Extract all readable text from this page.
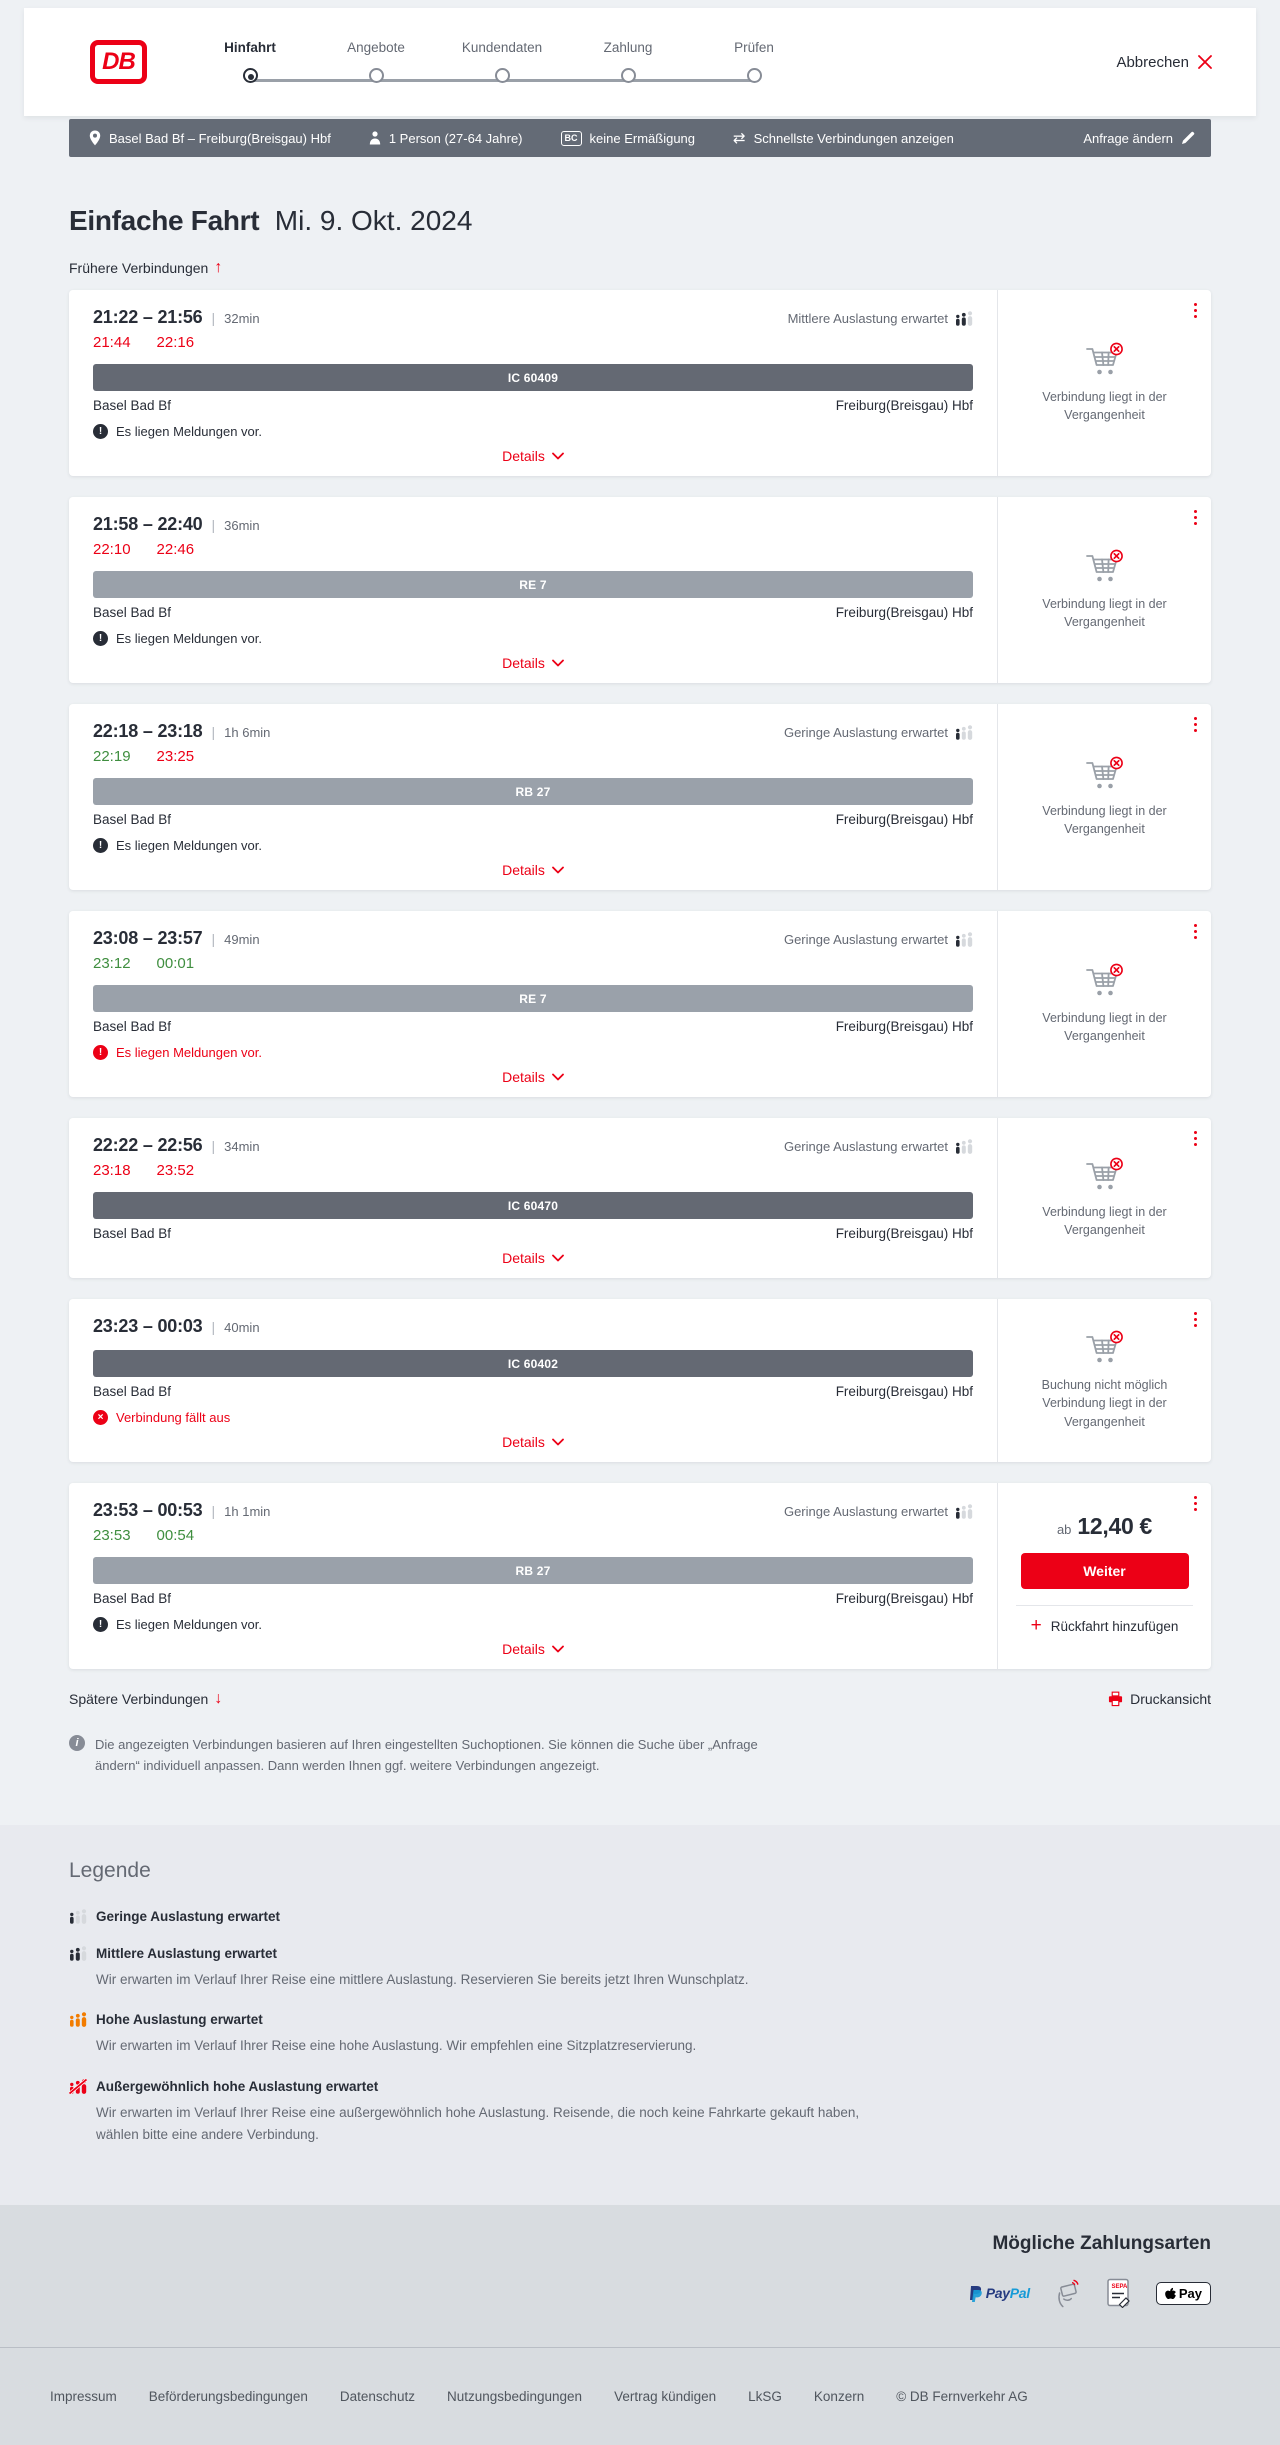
DB
Hinfahrt	Angebote	Kundendaten	Zahlung	Prüfen
Abbrechen
Basel Bad Bf – Freiburg(Breisgau) Hbf	1 Person (27-64 Jahre)	BC keine Ermäßigung	⇄ Schnellste Verbindungen anzeigen	Anfrage ändern
Einfache Fahrt Mi. 9. Okt. 2024
Frühere Verbindungen ↑
21:22 – 21:56 | 32min	Mittlere Auslastung erwartet
21:44 22:16
IC 60409
Basel Bad Bf	Freiburg(Breisgau) Hbf
!	Es liegen Meldungen vor.
Details
Verbindung liegt in der Vergangenheit
21:58 – 22:40 | 36min
22:10 22:46
RE 7
Basel Bad Bf	Freiburg(Breisgau) Hbf
!	Es liegen Meldungen vor.
Details
Verbindung liegt in der Vergangenheit
22:18 – 23:18 | 1h 6min	Geringe Auslastung erwartet
22:19 23:25
RB 27
Basel Bad Bf	Freiburg(Breisgau) Hbf
!	Es liegen Meldungen vor.
Details
Verbindung liegt in der Vergangenheit
23:08 – 23:57 | 49min	Geringe Auslastung erwartet
23:12 00:01
RE 7
Basel Bad Bf	Freiburg(Breisgau) Hbf
!	Es liegen Meldungen vor.
Details
Verbindung liegt in der Vergangenheit
22:22 – 22:56 | 34min	Geringe Auslastung erwartet
23:18 23:52
IC 60470
Basel Bad Bf	Freiburg(Breisgau) Hbf
Details
Verbindung liegt in der Vergangenheit
23:23 – 00:03 | 40min
IC 60402
Basel Bad Bf	Freiburg(Breisgau) Hbf
× Verbindung fällt aus
Details
Buchung nicht möglich
Verbindung liegt in der Vergangenheit
23:53 – 00:53 | 1h 1min	Geringe Auslastung erwartet
23:53 00:54
RB 27
Basel Bad Bf	Freiburg(Breisgau) Hbf
!	Es liegen Meldungen vor.
Details
ab 12,40 €
Weiter
+ Rückfahrt hinzufügen
Spätere Verbindungen ↓	Druckansicht
i	Die angezeigten Verbindungen basieren auf Ihren eingestellten Suchoptionen. Sie können die Suche über „Anfrage ändern“ individuell anpassen. Dann werden Ihnen ggf. weitere Verbindungen angezeigt.

Legende
Geringe Auslastung erwartet
Mittlere Auslastung erwartet

Wir erwarten im Verlauf Ihrer Reise eine mittlere Auslastung. Reservieren Sie bereits jetzt Ihren Wunschplatz.

Hohe Auslastung erwartet

Wir erwarten im Verlauf Ihrer Reise eine hohe Auslastung. Wir empfehlen eine Sitzplatzreservierung.

Außergewöhnlich hohe Auslastung erwartet

Wir erwarten im Verlauf Ihrer Reise eine außergewöhnlich hohe Auslastung. Reisende, die noch keine Fahrkarte gekauft haben, wählen bitte eine andere Verbindung.

Mögliche Zahlungsarten
PayPal	SEPA	Pay
Impressum Beförderungsbedingungen Datenschutz Nutzungsbedingungen Vertrag kündigen LkSG Konzern © DB Fernverkehr AG
